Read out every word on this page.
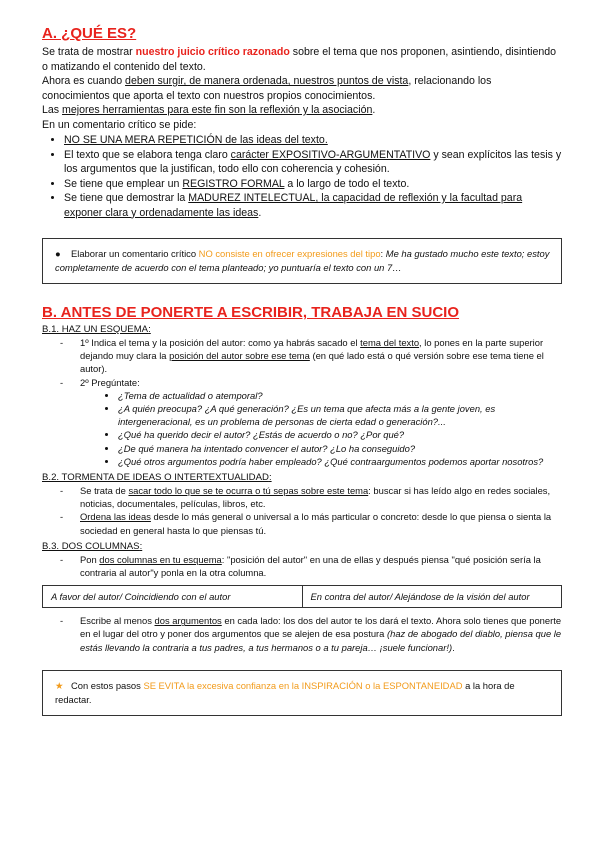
A. ¿QUÉ ES?

Se trata de mostrar nuestro juicio crítico razonado sobre el tema que nos proponen, asintiendo, disintiendo o matizando el contenido del texto.

Ahora es cuando deben surgir, de manera ordenada, nuestros puntos de vista, relacionando los conocimientos que aporta el texto con nuestros propios conocimientos.

Las mejores herramientas para este fin son la reflexión y la asociación.

En un comentario crítico se pide:

• NO SE UNA MERA REPETICIÓN de las ideas del texto.
• El texto que se elabora tenga claro carácter EXPOSITIVO-ARGUMENTATIVO y sean explícitos las tesis y los argumentos que la justifican, todo ello con coherencia y cohesión.
• Se tiene que emplear un REGISTRO FORMAL a lo largo de todo el texto.
• Se tiene que demostrar la MADUREZ INTELECTUAL, la capacidad de reflexión y la facultad para exponer clara y ordenadamente las ideas.
● Elaborar un comentario crítico NO consiste en ofrecer expresiones del tipo: Me ha gustado mucho este texto; estoy completamente de acuerdo con el tema planteado; yo puntuaría el texto con un 7…
B. ANTES DE PONERTE A ESCRIBIR, TRABAJA EN SUCIO
B.1. HAZ UN ESQUEMA:

- 1º Indica el tema y la posición del autor: como ya habrás sacado el tema del texto, lo pones en la parte superior dejando muy clara la posición del autor sobre ese tema (en qué lado está o qué versión sobre ese tema tiene el autor).

- 2º Pregúntate:

• ¿Tema de actualidad o atemporal?
• ¿A quién preocupa? ¿A qué generación? ¿Es un tema que afecta más a la gente joven, es intergeneracional, es un problema de personas de cierta edad o generación?...
• ¿Qué ha querido decir el autor? ¿Estás de acuerdo o no? ¿Por qué?
• ¿De qué manera ha intentado convencer el autor? ¿Lo ha conseguido?
• ¿Qué otros argumentos podría haber empleado? ¿Qué contraargumentos podemos aportar nosotros?
B.2. TORMENTA DE IDEAS O INTERTEXTUALIDAD:

- Se trata de sacar todo lo que se te ocurra o tú sepas sobre este tema: buscar si has leído algo en redes sociales, noticias, documentales, películas, libros, etc.

- Ordena las ideas desde lo más general o universal a lo más particular o concreto: desde lo que piensa o sienta la sociedad en general hasta lo que piensas tú.

B.3. DOS COLUMNAS:

- Pon dos columnas en tu esquema: "posición del autor" en una de ellas y después piensa "qué posición sería la contraria al autor"y ponla en la otra columna.

A favor del autor/ Coincidiendo con el autor	En contra del autor/ Alejándose de la visión del autor

- Escribe al menos dos argumentos en cada lado: los dos del autor te los dará el texto. Ahora solo tienes que ponerte en el lugar del otro y poner dos argumentos que se alejen de esa postura (haz de abogado del diablo, piensa que le estás llevando la contraria a tus padres, a tus hermanos o a tu pareja… ¡suele funcionar!).

★ Con estos pasos SE EVITA la excesiva confianza en la INSPIRACIÓN o la ESPONTANEIDAD a la hora de redactar.
